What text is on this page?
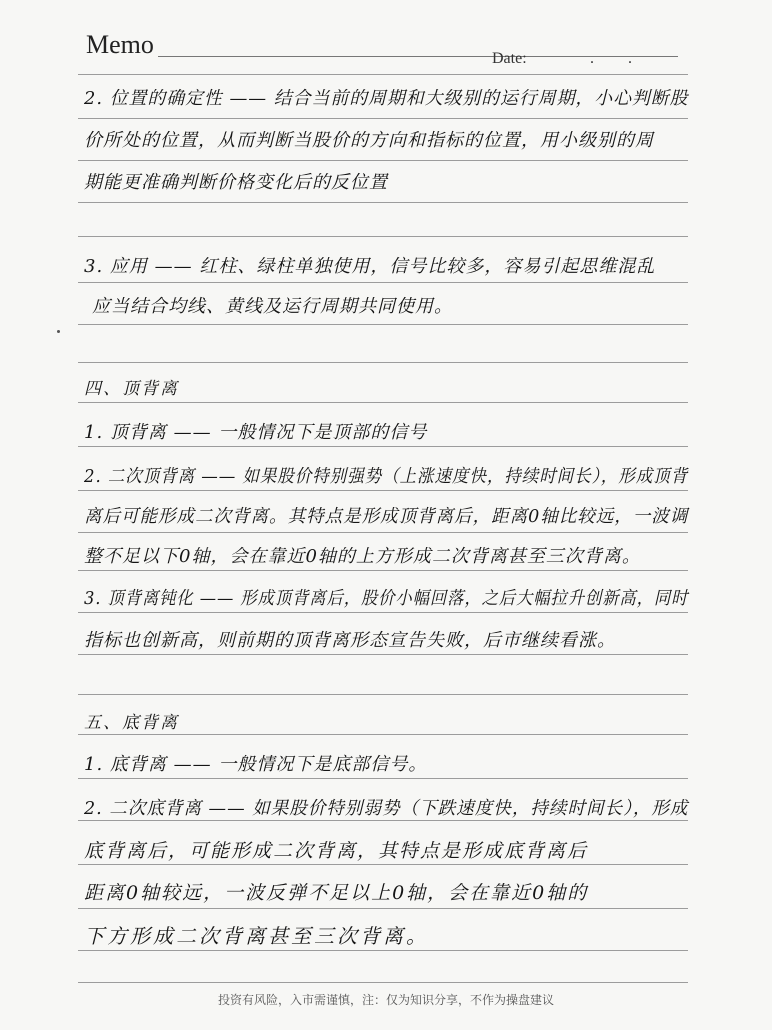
Memo	Date:	. .
2. 位置的确定性 —— 结合当前的周期和大级别的运行周期，小心判断股
价所处的位置，从而判断当股价的方向和指标的位置，用小级别的周
期能更准确判断价格变化后的反位置
3. 应用 —— 红柱、绿柱单独使用，信号比较多，容易引起思维混乱
应当结合均线、黄线及运行周期共同使用。
四、顶背离
1. 顶背离 —— 一般情况下是顶部的信号
2. 二次顶背离 —— 如果股价特别强势（上涨速度快，持续时间长），形成顶背
离后可能形成二次背离。其特点是形成顶背离后，距离0轴比较远，一波调
整不足以下0轴，会在靠近0轴的上方形成二次背离甚至三次背离。
3. 顶背离钝化 —— 形成顶背离后，股价小幅回落，之后大幅拉升创新高，同时
指标也创新高，则前期的顶背离形态宣告失败，后市继续看涨。
五、底背离
1. 底背离 —— 一般情况下是底部信号。
2. 二次底背离 —— 如果股价特别弱势（下跌速度快，持续时间长），形成
底背离后，可能形成二次背离，其特点是形成底背离后
距离0轴较远，一波反弹不足以上0轴，会在靠近0轴的
下方形成二次背离甚至三次背离。
投资有风险，入市需谨慎，注：仅为知识分享，不作为操盘建议
